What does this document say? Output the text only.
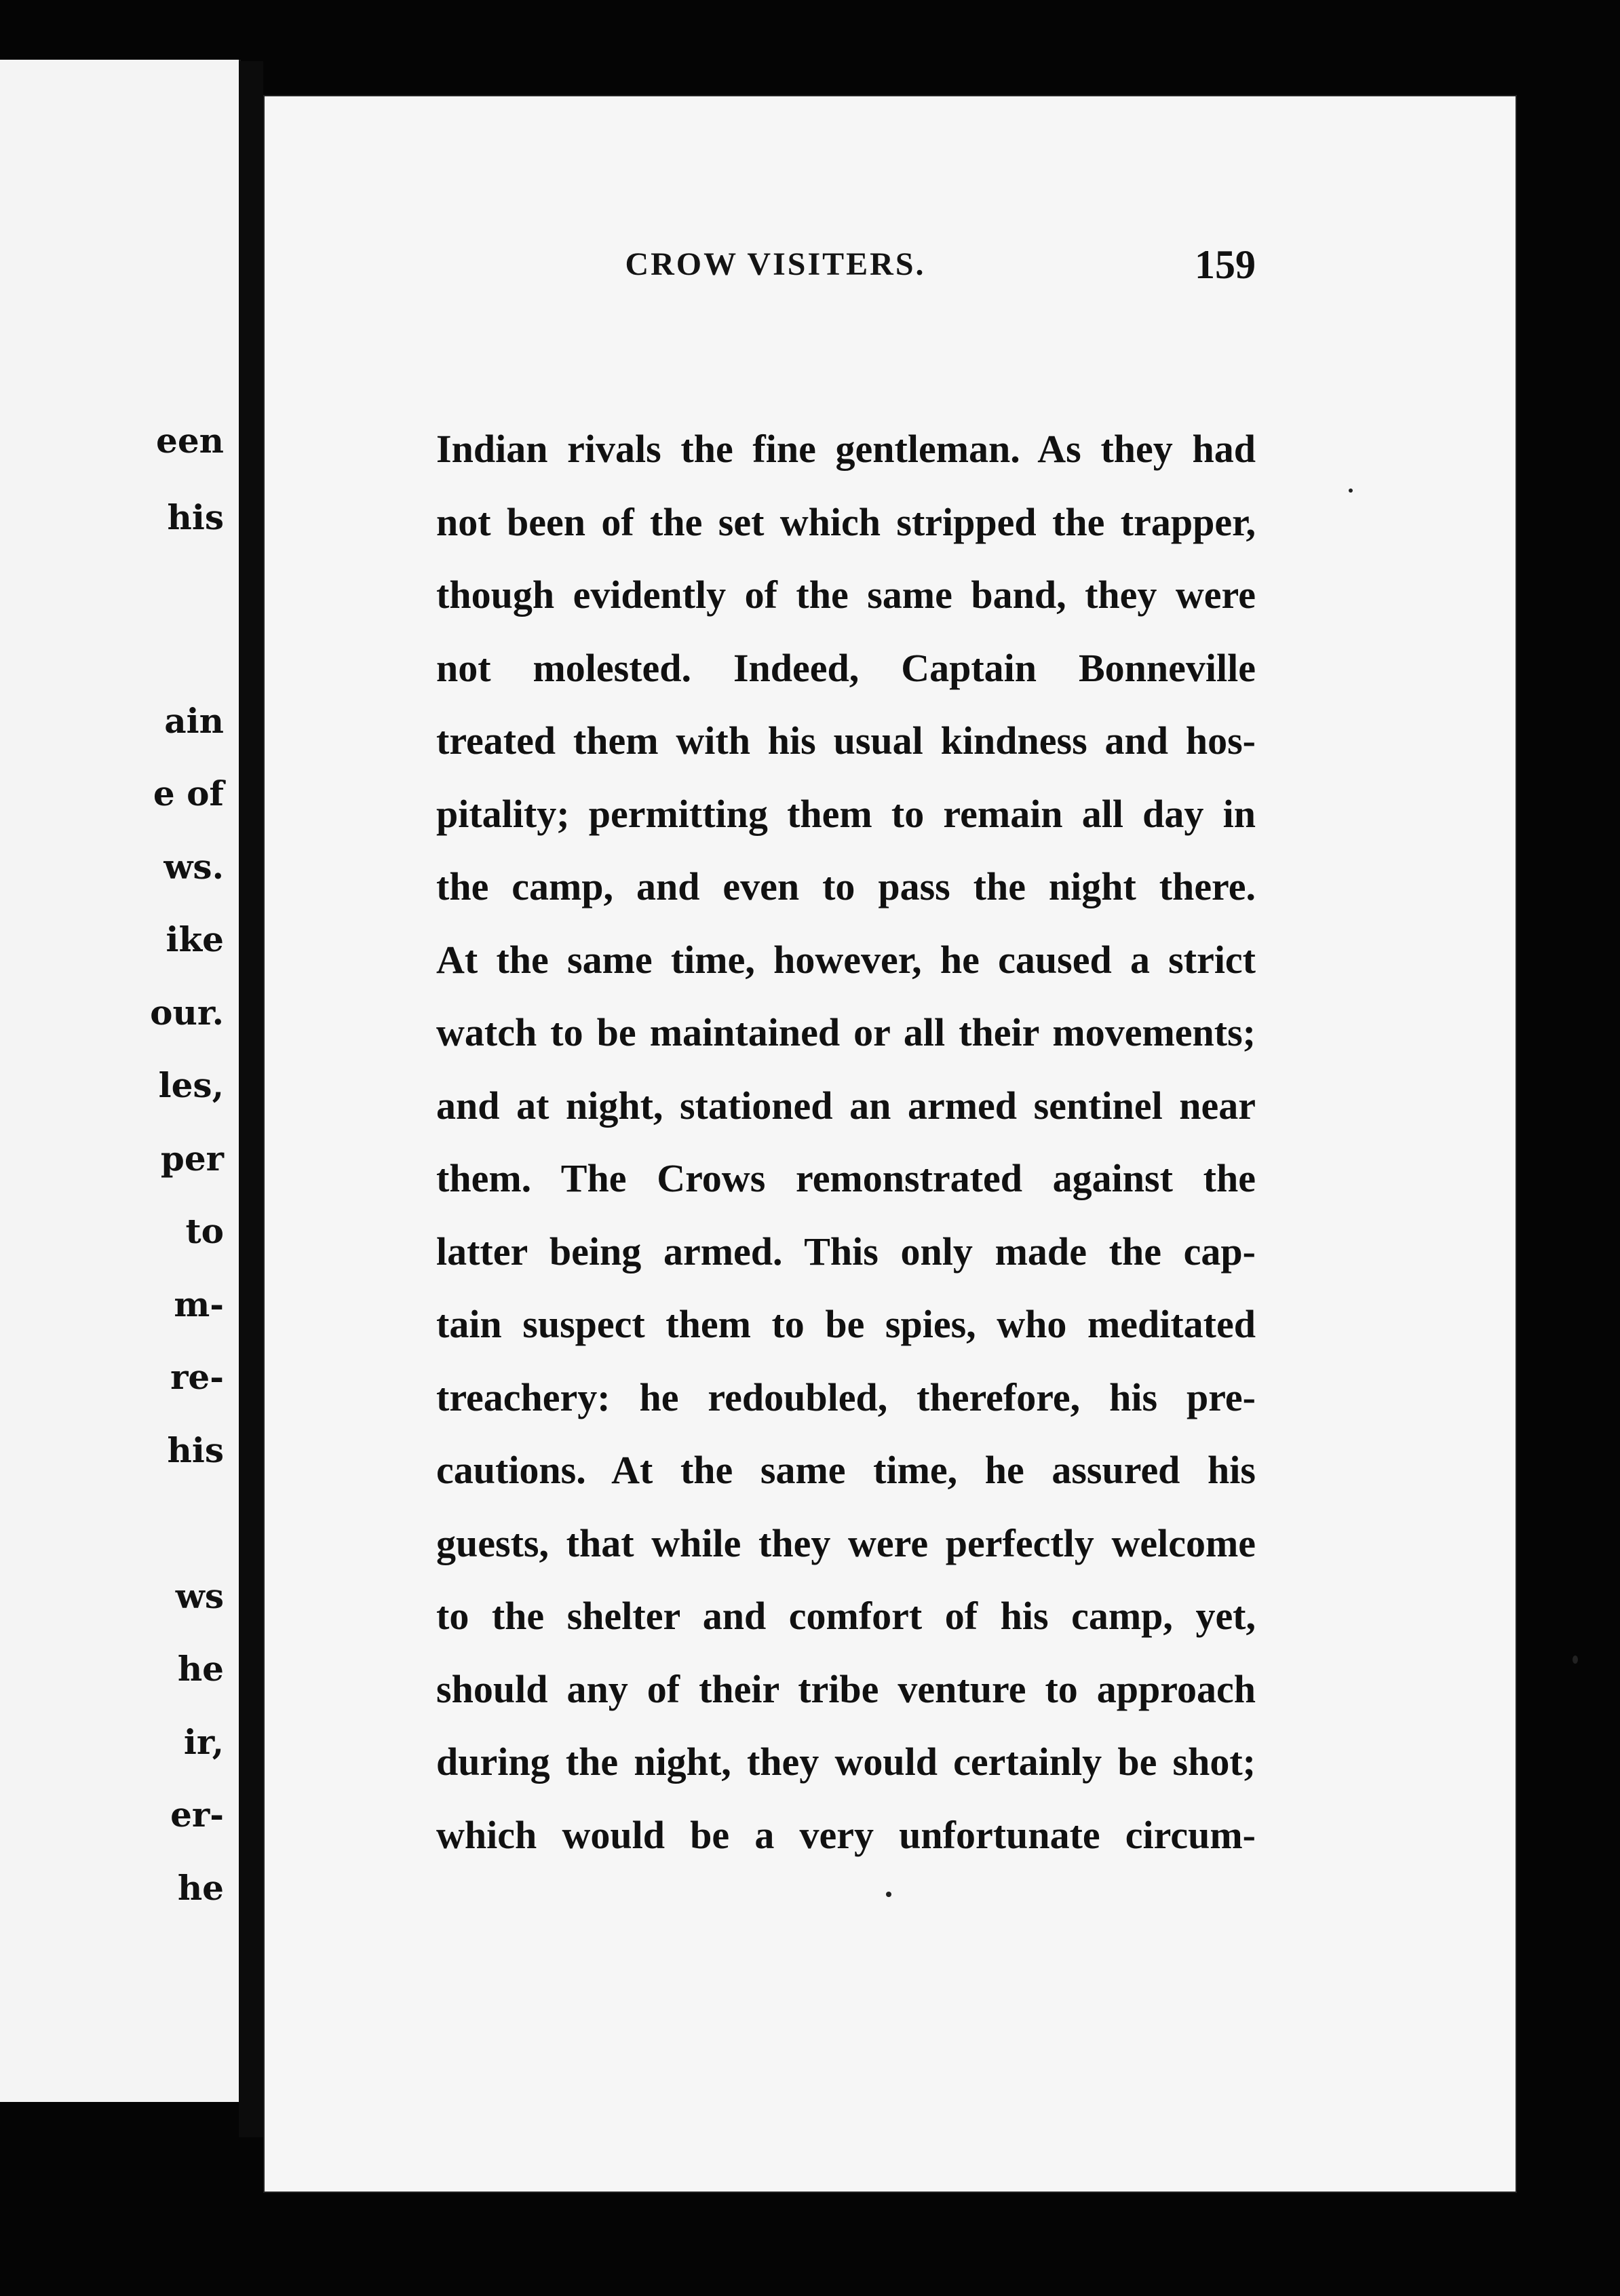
een
his
ain
e of
ws.
ike
our.
les,
per
to
m-
re-
his
ws
he
ir,
er-
he
CROW VISITERS.	159
Indian rivals the fine gentleman. As they had
not been of the set which stripped the trapper,
though evidently of the same band, they were
not molested. Indeed, Captain Bonneville
treated them with his usual kindness and hos-
pitality; permitting them to remain all day in
the camp, and even to pass the night there.
At the same time, however, he caused a strict
watch to be maintained or all their movements;
and at night, stationed an armed sentinel near
them. The Crows remonstrated against the
latter being armed. This only made the cap-
tain suspect them to be spies, who meditated
treachery: he redoubled, therefore, his pre-
cautions. At the same time, he assured his
guests, that while they were perfectly welcome
to the shelter and comfort of his camp, yet,
should any of their tribe venture to approach
during the night, they would certainly be shot;
which would be a very unfortunate circum-
